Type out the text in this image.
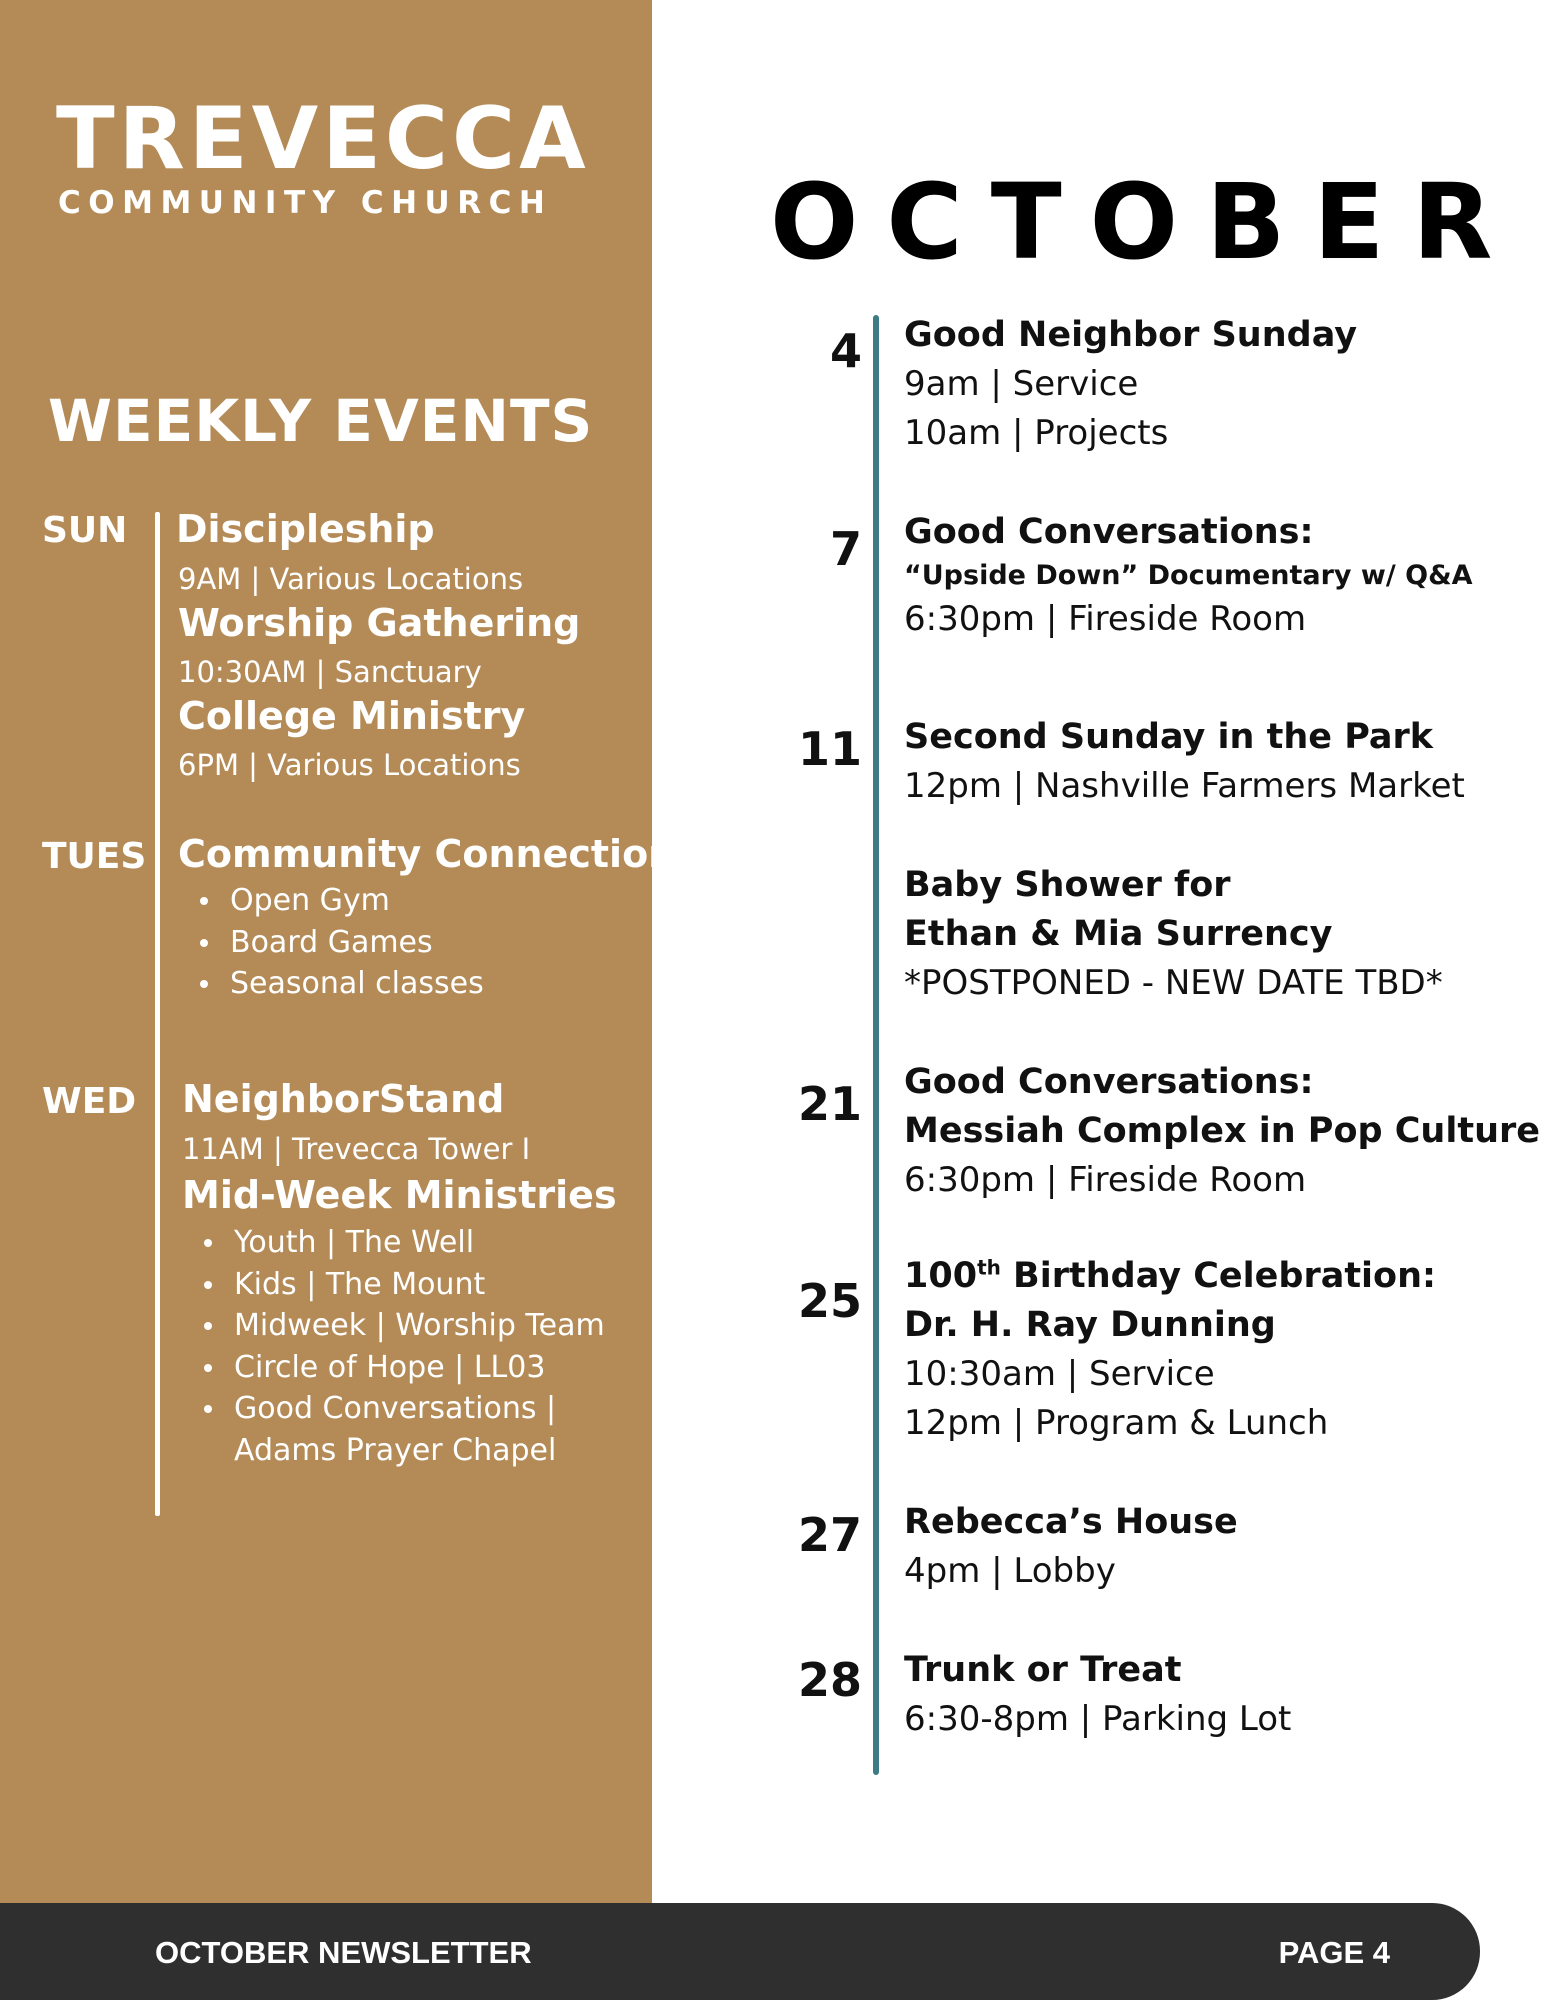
TREVECCA
COMMUNITY CHURCH
WEEKLY EVENTS
SUN Discipleship
9AM | Various Locations
Worship Gathering
10:30AM | Sanctuary
College Ministry
6PM | Various Locations
TUES Community Connection
Open Gym
Board Games
Seasonal classes
WED NeighborStand
11AM | Trevecca Tower I
Mid-Week Ministries
Youth | The Well
Kids | The Mount
Midweek | Worship Team
Circle of Hope | LL03
Good Conversations |
Adams Prayer Chapel
OCTOBER
4 Good Neighbor Sunday
9am | Service
10am | Projects
7 Good Conversations:
“Upside Down” Documentary w/ Q&A
6:30pm | Fireside Room
11 Second Sunday in the Park
12pm | Nashville Farmers Market
Baby Shower for
Ethan & Mia Surrency
*POSTPONED - NEW DATE TBD*
21 Good Conversations:
Messiah Complex in Pop Culture
6:30pm | Fireside Room
25 100th Birthday Celebration:
Dr. H. Ray Dunning
10:30am | Service
12pm | Program & Lunch
27 Rebecca’s House
4pm | Lobby
28 Trunk or Treat
6:30-8pm | Parking Lot
OCTOBER NEWSLETTER	PAGE 4
